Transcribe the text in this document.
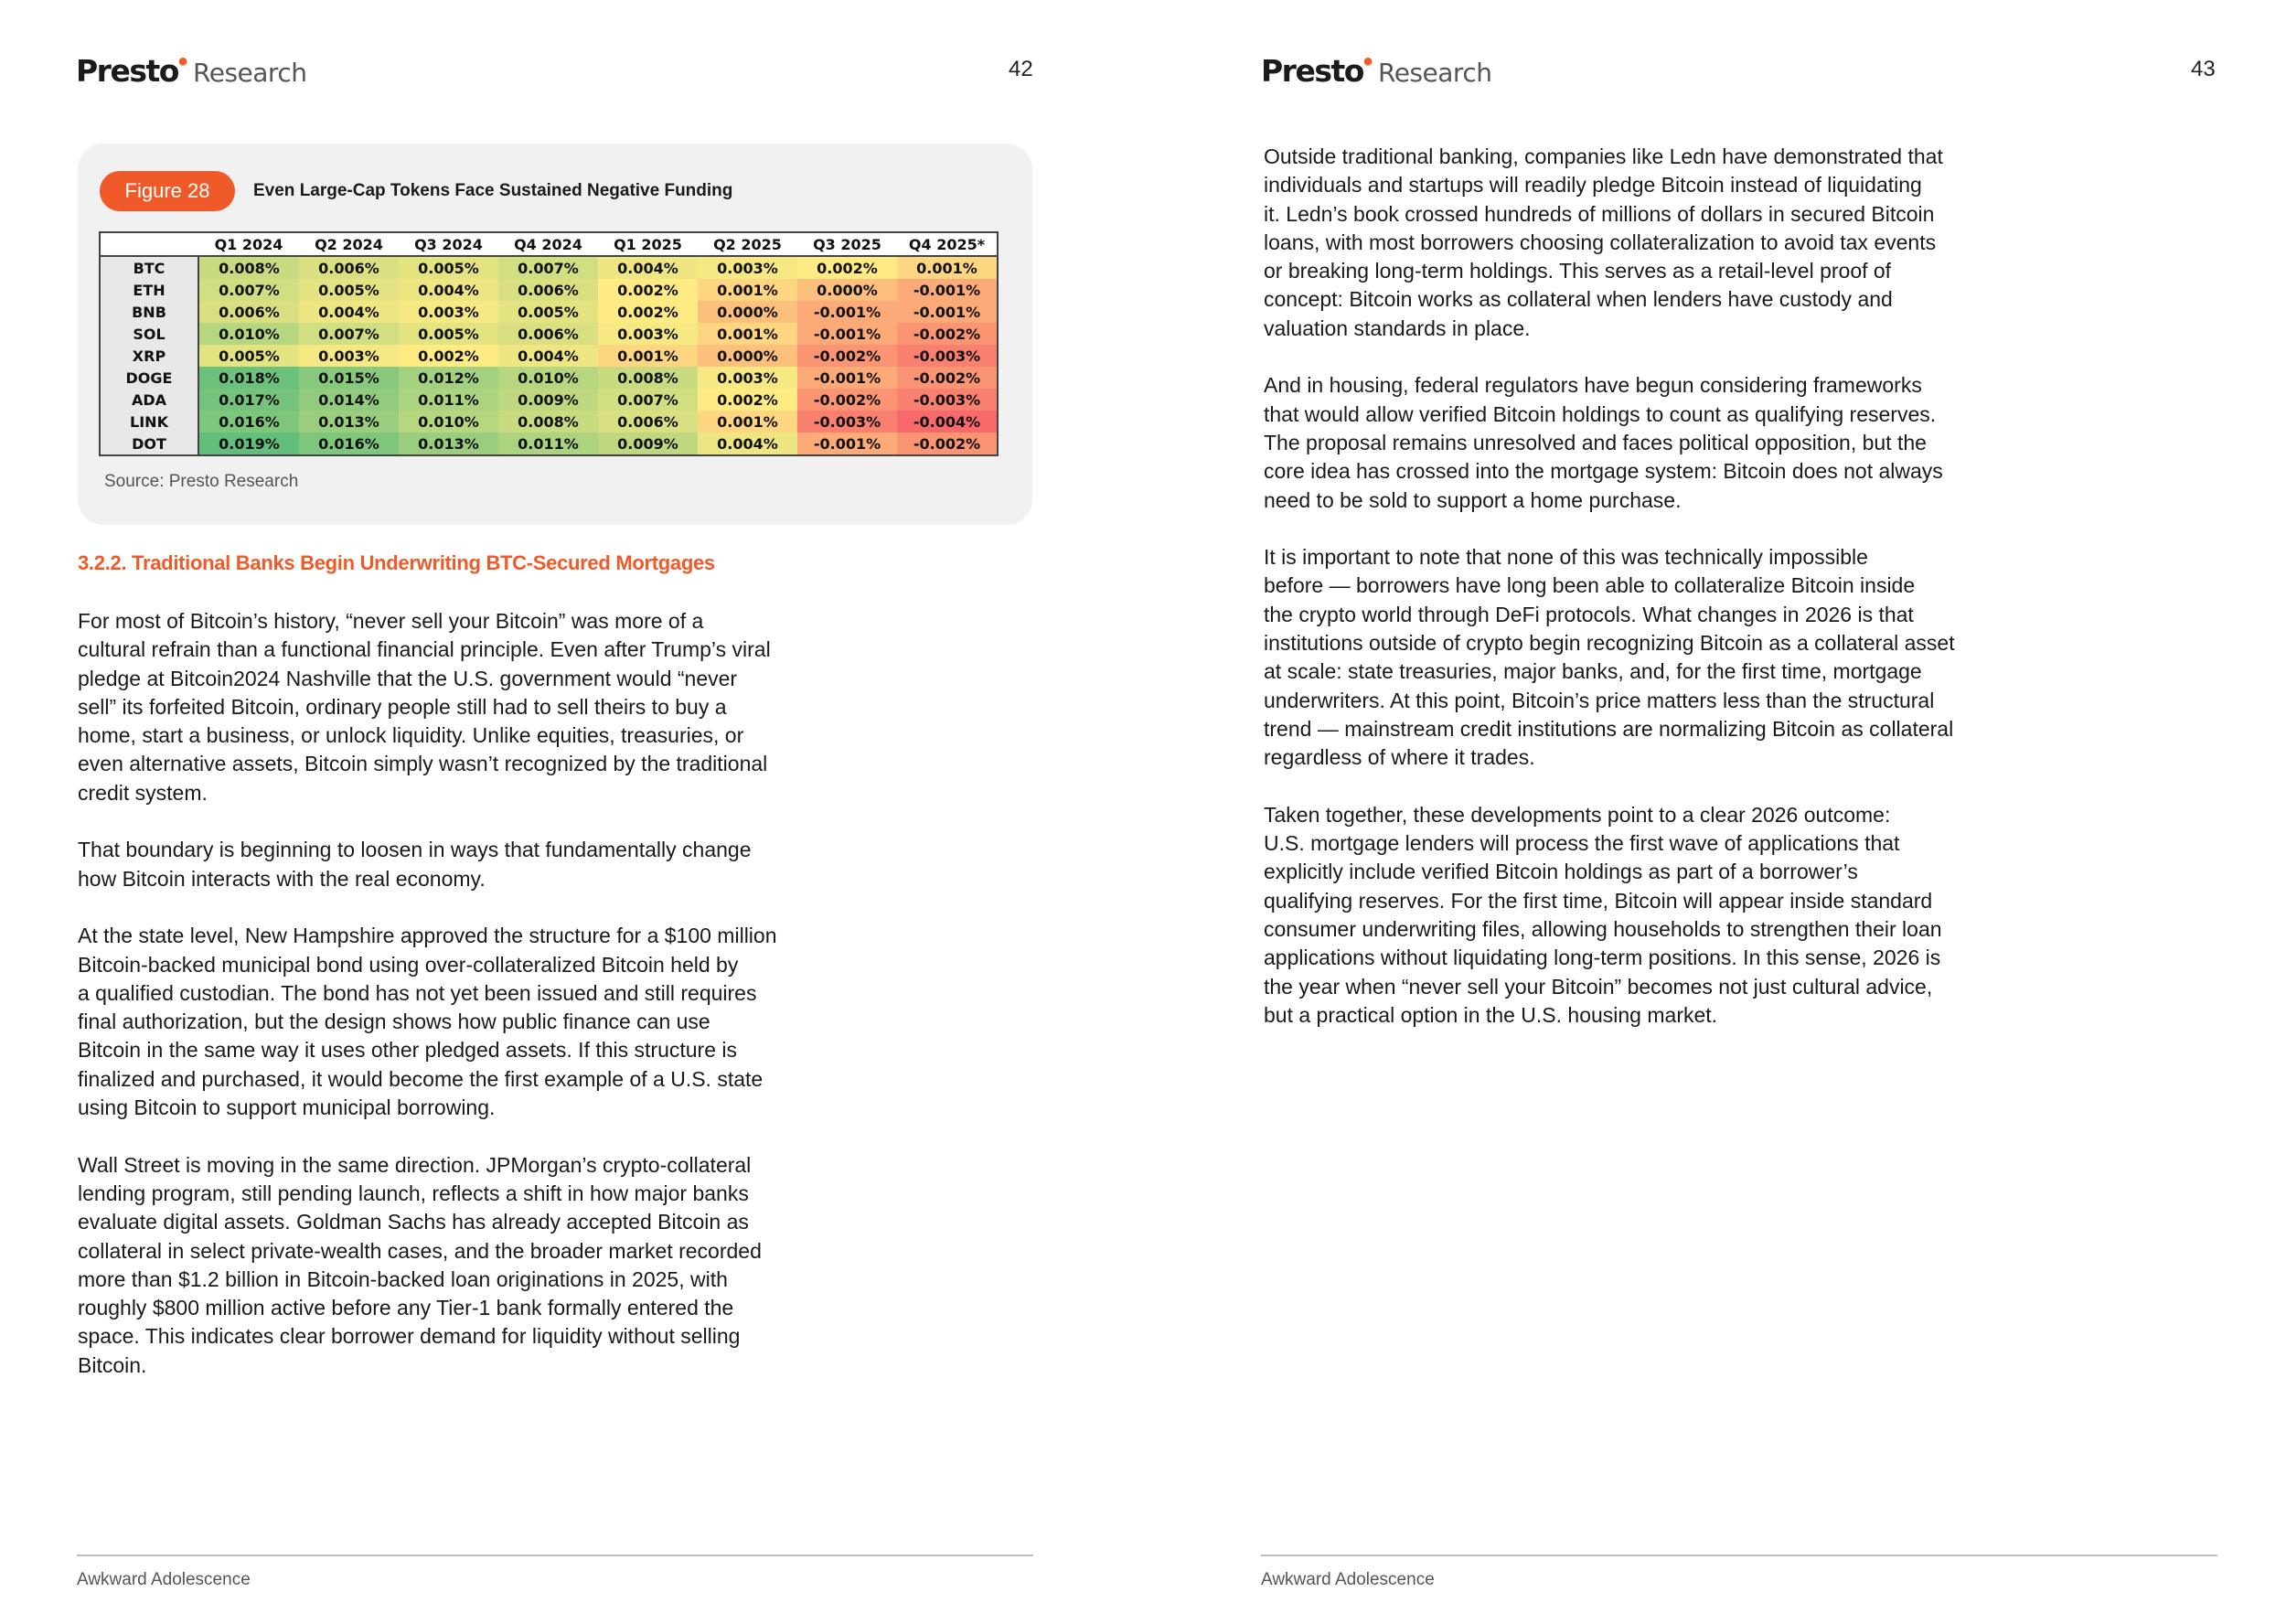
Presto ● Research	42
Figure 28	Even Large-Cap Tokens Face Sustained Negative Funding
	Q1 2024	Q2 2024	Q3 2024	Q4 2024	Q1 2025	Q2 2025	Q3 2025	Q4 2025*
BTC	0.008%	0.006%	0.005%	0.007%	0.004%	0.003%	0.002%	0.001%
ETH	0.007%	0.005%	0.004%	0.006%	0.002%	0.001%	0.000%	-0.001%
BNB	0.006%	0.004%	0.003%	0.005%	0.002%	0.000%	-0.001%	-0.001%
SOL	0.010%	0.007%	0.005%	0.006%	0.003%	0.001%	-0.001%	-0.002%
XRP	0.005%	0.003%	0.002%	0.004%	0.001%	0.000%	-0.002%	-0.003%
DOGE	0.018%	0.015%	0.012%	0.010%	0.008%	0.003%	-0.001%	-0.002%
ADA	0.017%	0.014%	0.011%	0.009%	0.007%	0.002%	-0.002%	-0.003%
LINK	0.016%	0.013%	0.010%	0.008%	0.006%	0.001%	-0.003%	-0.004%
DOT	0.019%	0.016%	0.013%	0.011%	0.009%	0.004%	-0.001%	-0.002%
Source: Presto Research
3.2.2. Traditional Banks Begin Underwriting BTC-Secured Mortgages

For most of Bitcoin’s history, “never sell your Bitcoin” was more of a
cultural refrain than a functional financial principle. Even after Trump’s viral
pledge at Bitcoin2024 Nashville that the U.S. government would “never
sell” its forfeited Bitcoin, ordinary people still had to sell theirs to buy a
home, start a business, or unlock liquidity. Unlike equities, treasuries, or
even alternative assets, Bitcoin simply wasn’t recognized by the traditional
credit system.

That boundary is beginning to loosen in ways that fundamentally change
how Bitcoin interacts with the real economy.

At the state level, New Hampshire approved the structure for a $100 million
Bitcoin-backed municipal bond using over-collateralized Bitcoin held by
a qualified custodian. The bond has not yet been issued and still requires
final authorization, but the design shows how public finance can use
Bitcoin in the same way it uses other pledged assets. If this structure is
finalized and purchased, it would become the first example of a U.S. state
using Bitcoin to support municipal borrowing.

Wall Street is moving in the same direction. JPMorgan’s crypto-collateral
lending program, still pending launch, reflects a shift in how major banks
evaluate digital assets. Goldman Sachs has already accepted Bitcoin as
collateral in select private-wealth cases, and the broader market recorded
more than $1.2 billion in Bitcoin-backed loan originations in 2025, with
roughly $800 million active before any Tier-1 bank formally entered the
space. This indicates clear borrower demand for liquidity without selling
Bitcoin.

Awkward Adolescence
Presto ● Research	43

Outside traditional banking, companies like Ledn have demonstrated that
individuals and startups will readily pledge Bitcoin instead of liquidating
it. Ledn’s book crossed hundreds of millions of dollars in secured Bitcoin
loans, with most borrowers choosing collateralization to avoid tax events
or breaking long-term holdings. This serves as a retail-level proof of
concept: Bitcoin works as collateral when lenders have custody and
valuation standards in place.

And in housing, federal regulators have begun considering frameworks
that would allow verified Bitcoin holdings to count as qualifying reserves.
The proposal remains unresolved and faces political opposition, but the
core idea has crossed into the mortgage system: Bitcoin does not always
need to be sold to support a home purchase.

It is important to note that none of this was technically impossible
before — borrowers have long been able to collateralize Bitcoin inside
the crypto world through DeFi protocols. What changes in 2026 is that
institutions outside of crypto begin recognizing Bitcoin as a collateral asset
at scale: state treasuries, major banks, and, for the first time, mortgage
underwriters. At this point, Bitcoin’s price matters less than the structural
trend — mainstream credit institutions are normalizing Bitcoin as collateral
regardless of where it trades.

Taken together, these developments point to a clear 2026 outcome:
U.S. mortgage lenders will process the first wave of applications that
explicitly include verified Bitcoin holdings as part of a borrower’s
qualifying reserves. For the first time, Bitcoin will appear inside standard
consumer underwriting files, allowing households to strengthen their loan
applications without liquidating long-term positions. In this sense, 2026 is
the year when “never sell your Bitcoin” becomes not just cultural advice,
but a practical option in the U.S. housing market.

Awkward Adolescence
